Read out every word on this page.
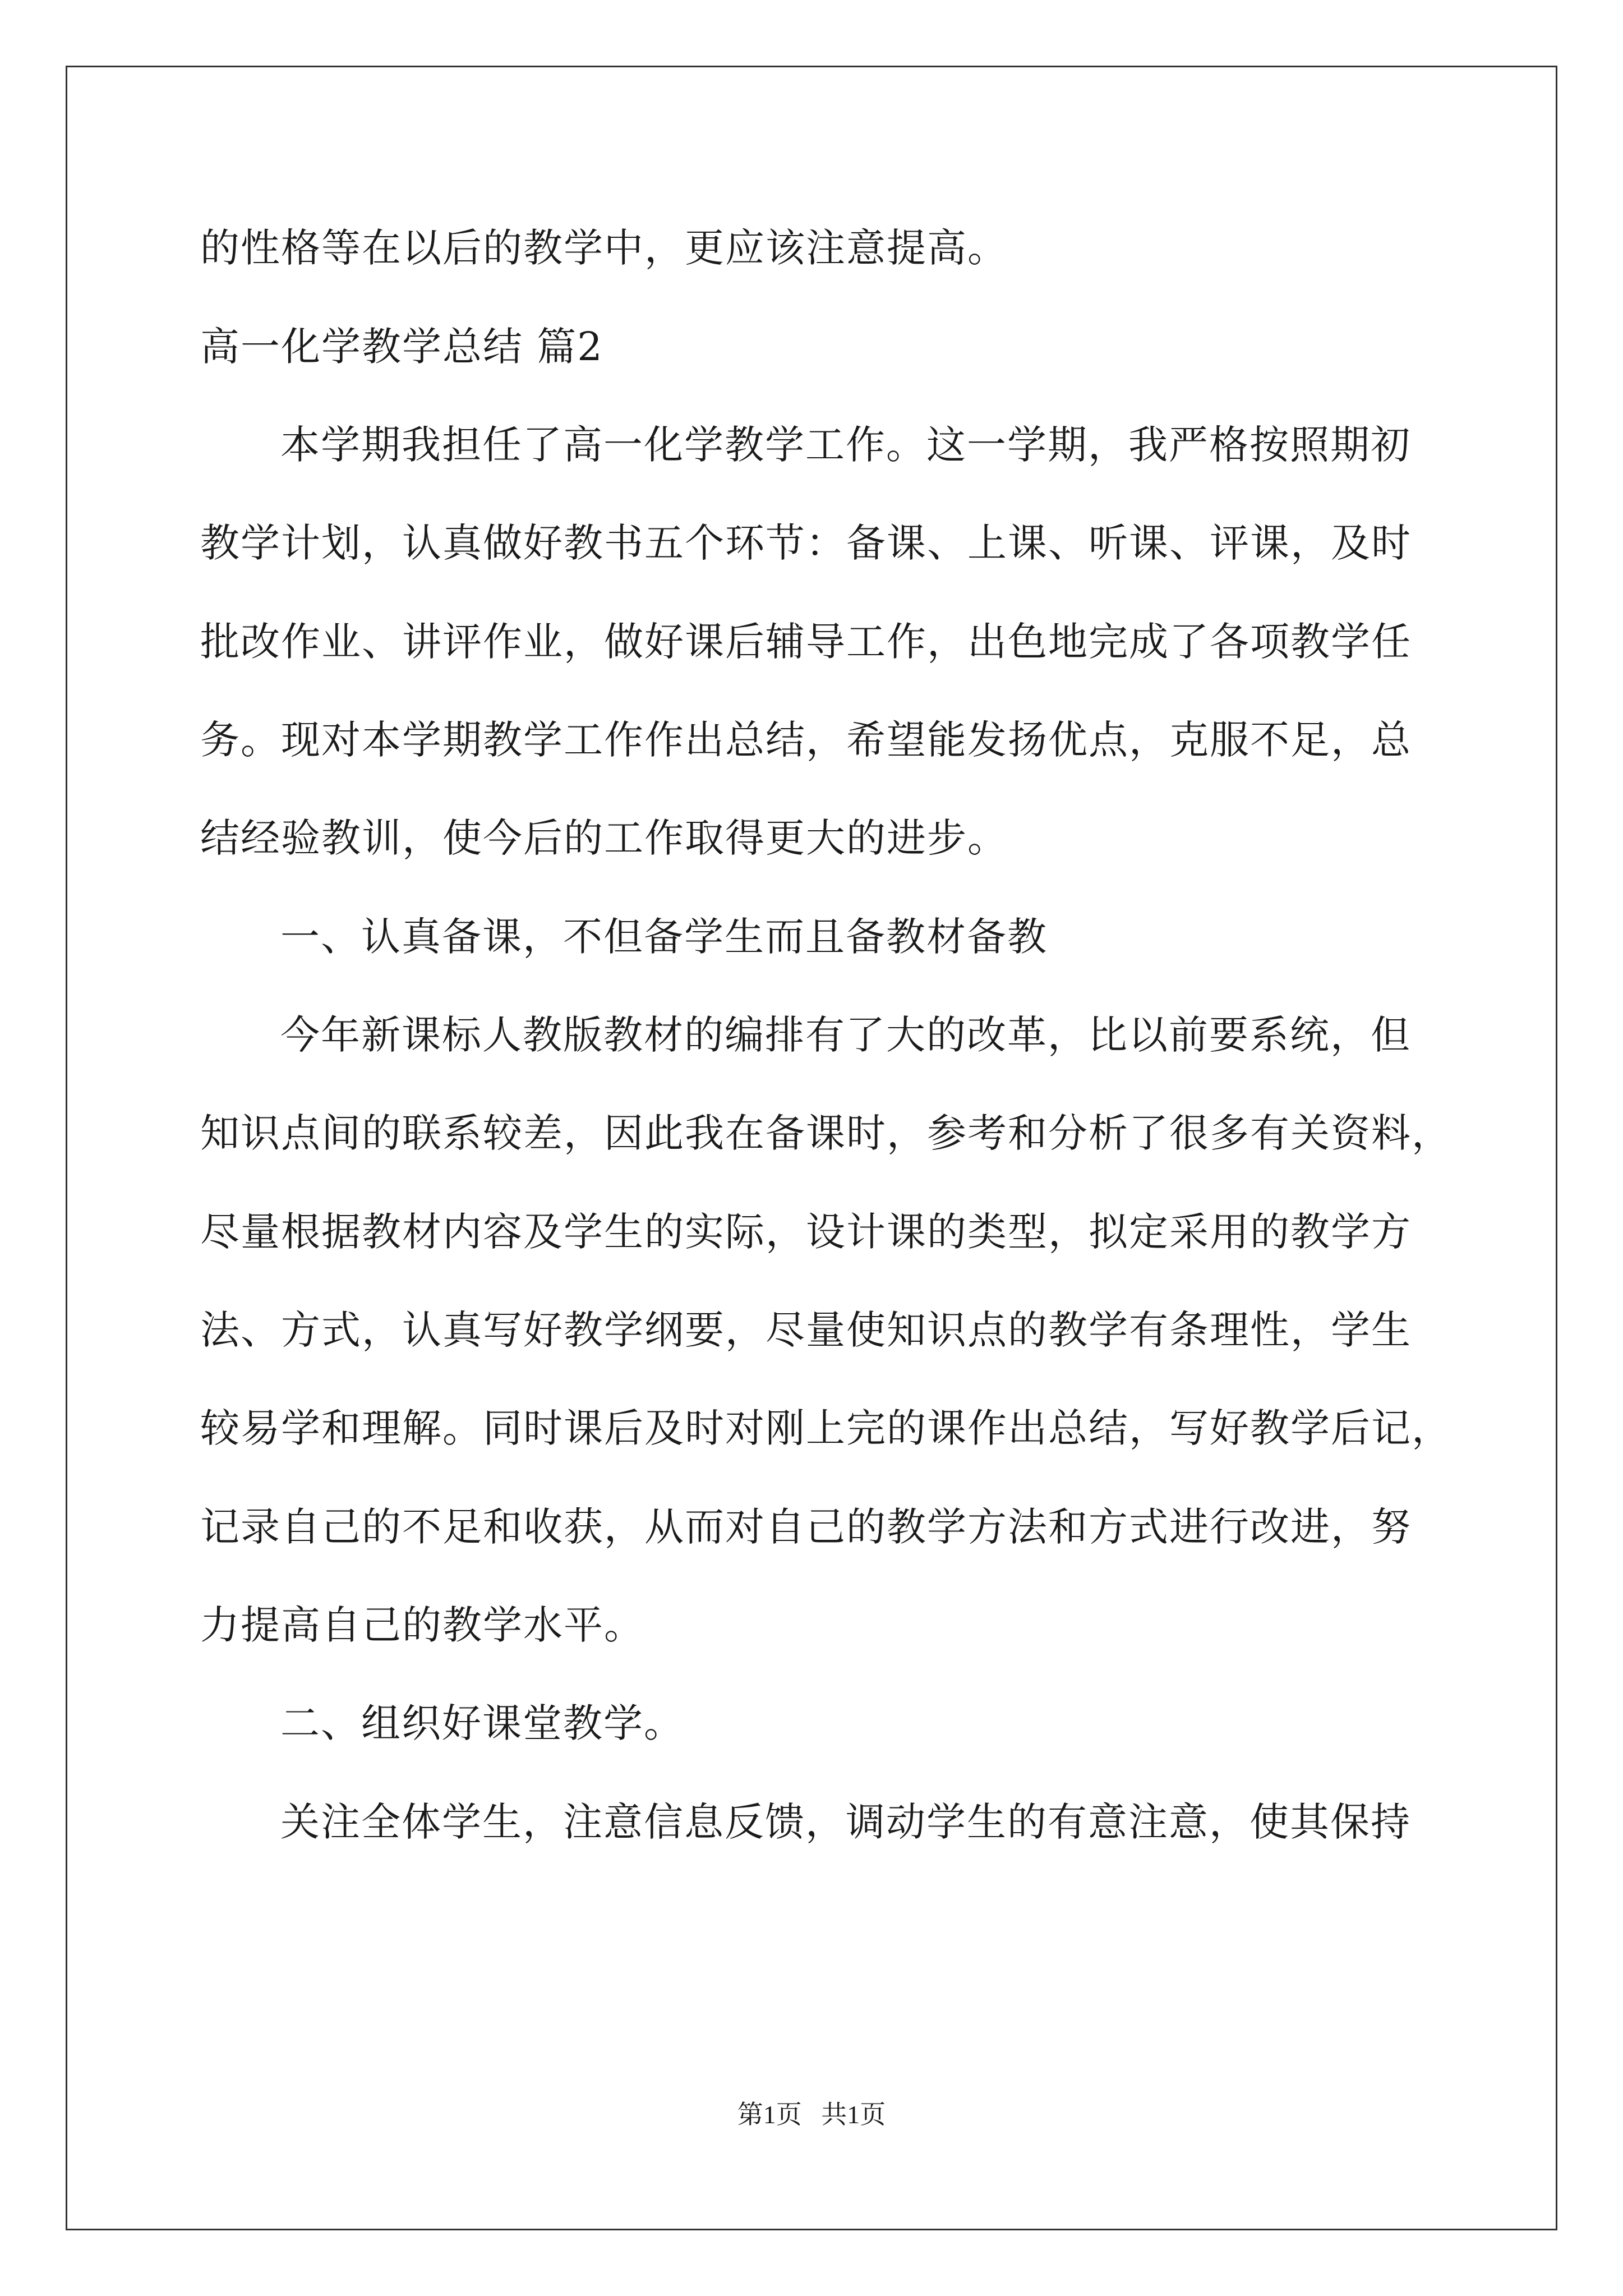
的性格等在以后的教学中，更应该注意提高。
高一化学教学总结 篇2
本学期我担任了高一化学教学工作。这一学期，我严格按照期初
教学计划，认真做好教书五个环节：备课、上课、听课、评课，及时
批改作业、讲评作业，做好课后辅导工作，出色地完成了各项教学任
务。现对本学期教学工作作出总结，希望能发扬优点，克服不足，总
结经验教训，使今后的工作取得更大的进步。
一、认真备课，不但备学生而且备教材备教
今年新课标人教版教材的编排有了大的改革，比以前要系统，但
知识点间的联系较差，因此我在备课时，参考和分析了很多有关资料，
尽量根据教材内容及学生的实际，设计课的类型，拟定采用的教学方
法、方式，认真写好教学纲要，尽量使知识点的教学有条理性，学生
较易学和理解。同时课后及时对刚上完的课作出总结，写好教学后记，
记录自己的不足和收获，从而对自己的教学方法和方式进行改进，努
力提高自己的教学水平。
二、组织好课堂教学。
关注全体学生，注意信息反馈，调动学生的有意注意，使其保持
第1页   共1页
